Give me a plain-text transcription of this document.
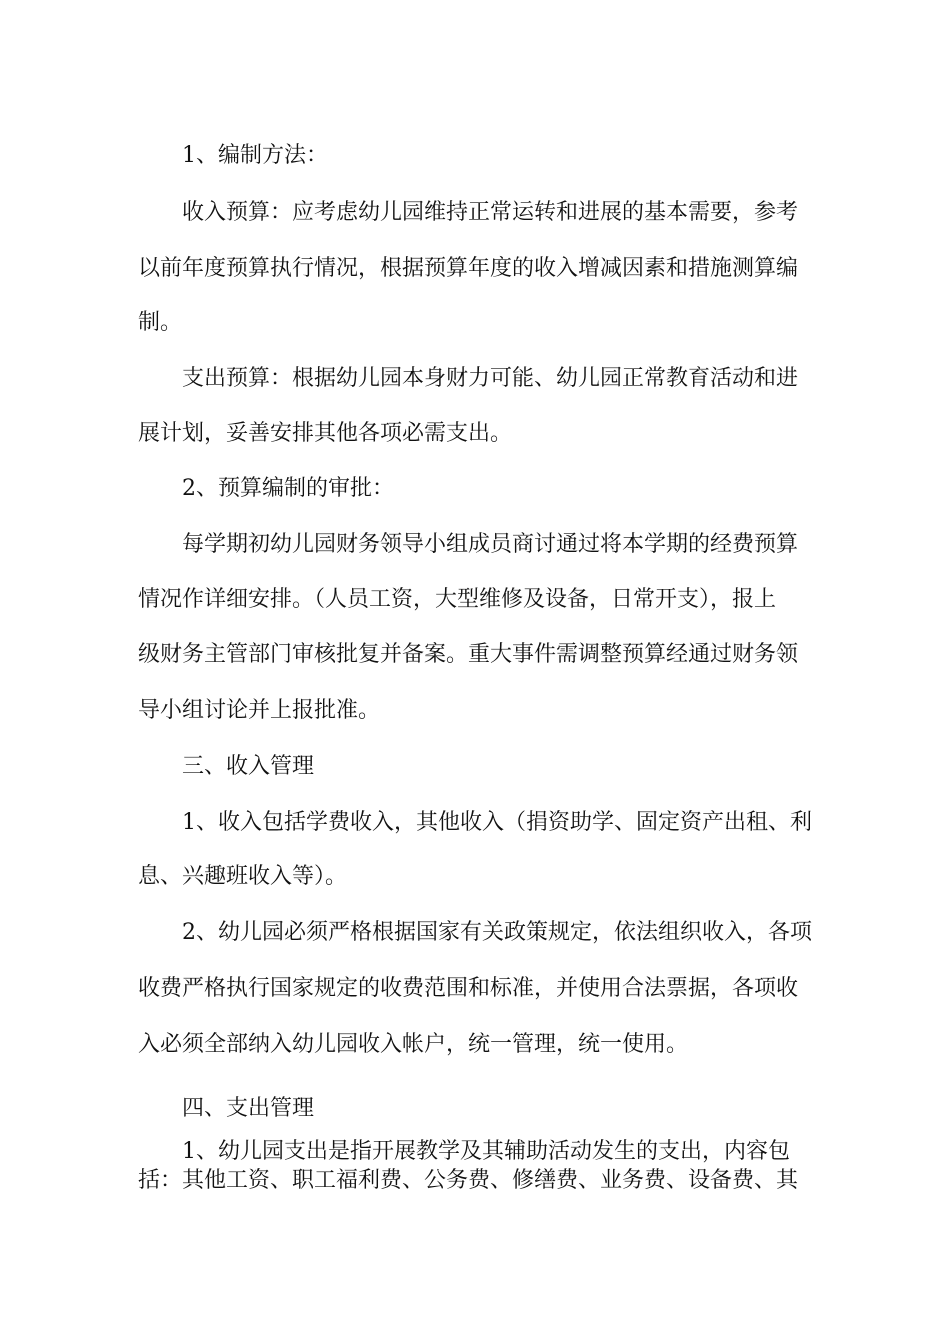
1、编制方法：
收入预算：应考虑幼儿园维持正常运转和进展的基本需要，参考
以前年度预算执行情况，根据预算年度的收入增减因素和措施测算编
制。
支出预算：根据幼儿园本身财力可能、幼儿园正常教育活动和进
展计划，妥善安排其他各项必需支出。
2、预算编制的审批：
每学期初幼儿园财务领导小组成员商讨通过将本学期的经费预算
情况作详细安排。（人员工资，大型维修及设备，日常开支），报上
级财务主管部门审核批复并备案。重大事件需调整预算经通过财务领
导小组讨论并上报批准。
三、收入管理
1、收入包括学费收入，其他收入（捐资助学、固定资产出租、利
息、兴趣班收入等）。
2、幼儿园必须严格根据国家有关政策规定，依法组织收入，各项
收费严格执行国家规定的收费范围和标准，并使用合法票据，各项收
入必须全部纳入幼儿园收入帐户，统一管理，统一使用。
四、支出管理
1、幼儿园支出是指开展教学及其辅助活动发生的支出，内容包
括：其他工资、职工福利费、公务费、修缮费、业务费、设备费、其
